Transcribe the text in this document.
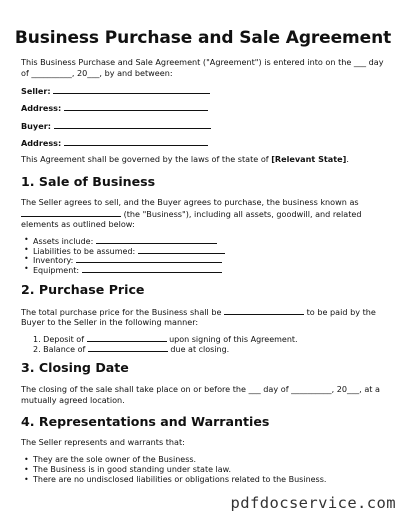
Business Purchase and Sale Agreement
This Business Purchase and Sale Agreement ("Agreement") is entered into on the ___ day
of __________, 20___, by and between:
Seller:
Address:
Buyer:
Address:
This Agreement shall be governed by the laws of the state of [Relevant State].
1. Sale of Business
The Seller agrees to sell, and the Buyer agrees to purchase, the business known as
(the "Business"), including all assets, goodwill, and related
elements as outlined below:
• Assets include:
• Liabilities to be assumed:
• Inventory:
• Equipment:
2. Purchase Price
The total purchase price for the Business shall be	to be paid by the
Buyer to the Seller in the following manner:
1. Deposit of	upon signing of this Agreement.
2. Balance of	due at closing.
3. Closing Date
The closing of the sale shall take place on or before the ___ day of __________, 20___, at a
mutually agreed location.
4. Representations and Warranties
The Seller represents and warrants that:
• They are the sole owner of the Business.
• The Business is in good standing under state law.
• There are no undisclosed liabilities or obligations related to the Business.
pdfdocservice.com
